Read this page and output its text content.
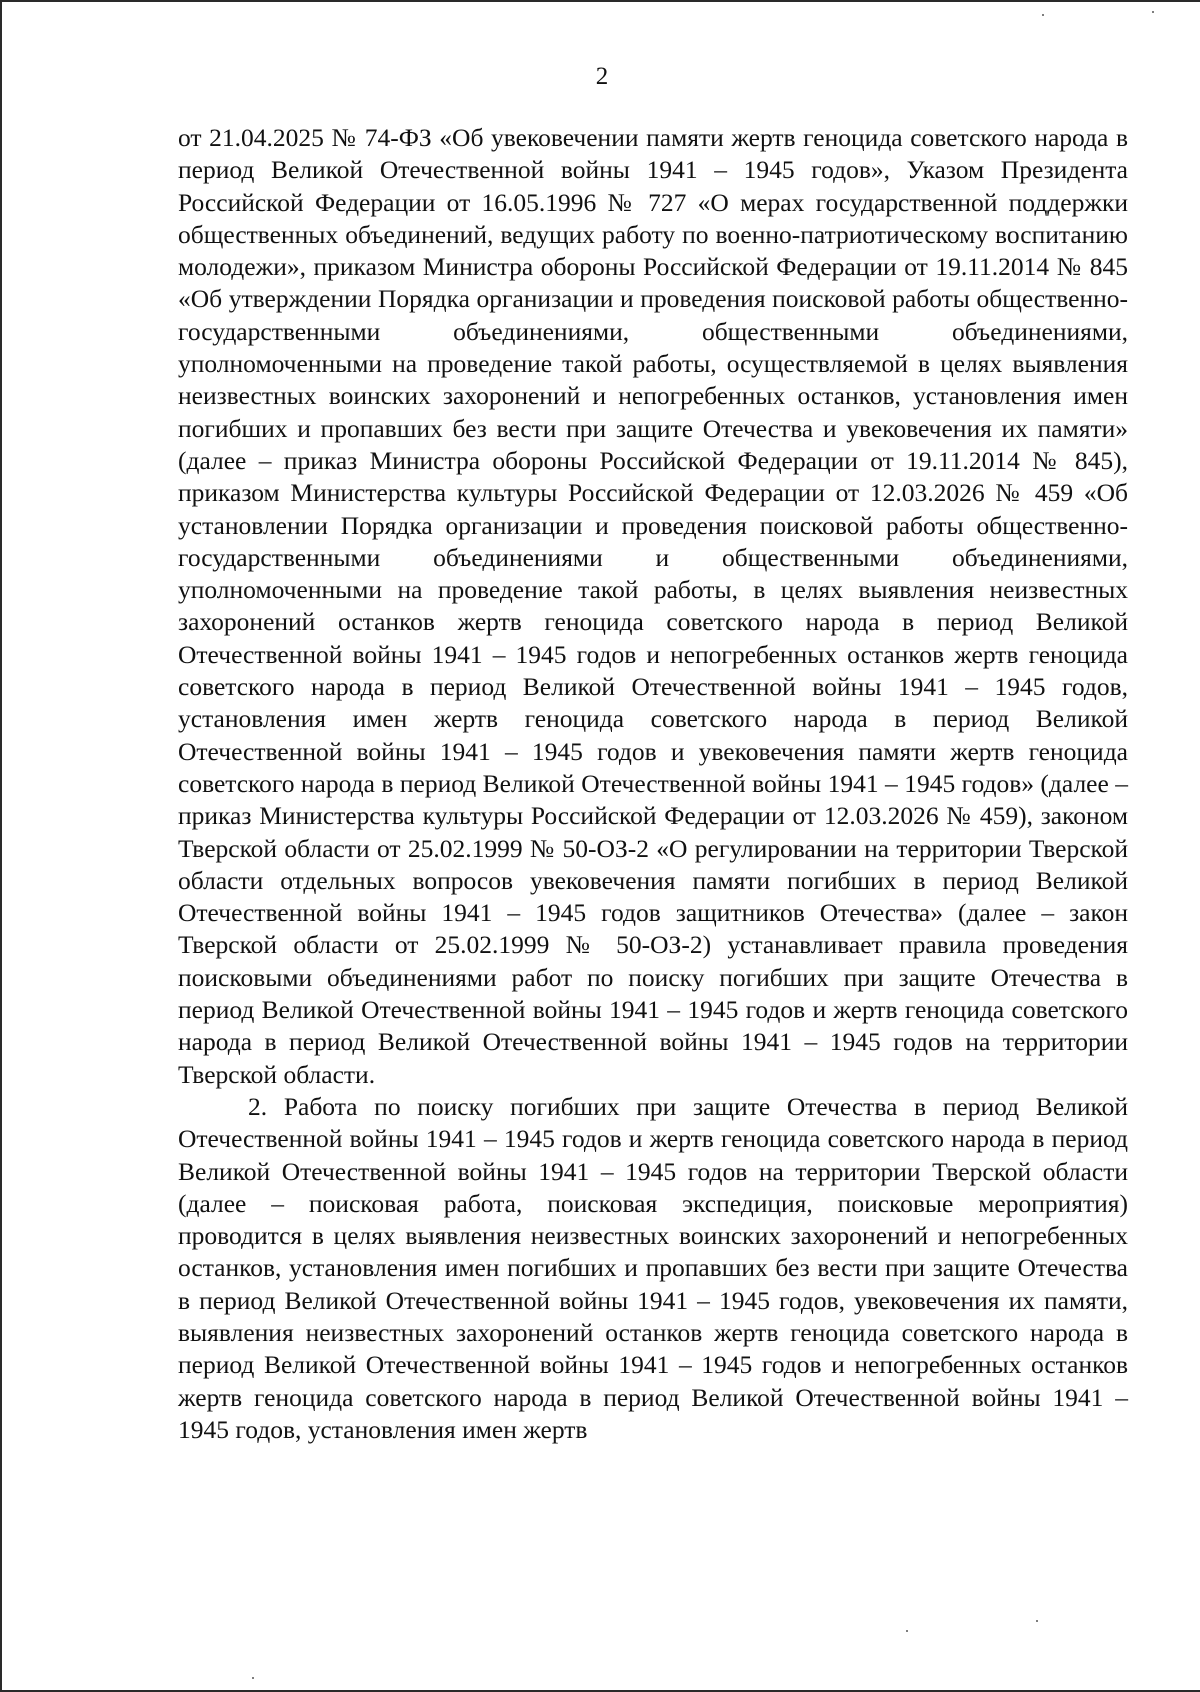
2

от 21.04.2025 № 74-ФЗ «Об увековечении памяти жертв геноцида советского народа в период Великой Отечественной войны 1941 – 1945 годов», Указом Президента Российской Федерации от 16.05.1996 № 727 «О мерах государственной поддержки общественных объединений, ведущих работу по военно-патриотическому воспитанию молодежи», приказом Министра обороны Российской Федерации от 19.11.2014 № 845 «Об утверждении Порядка организации и проведения поисковой работы общественно-государственными объединениями, общественными объединениями, уполномоченными на проведение такой работы, осуществляемой в целях выявления неизвестных воинских захоронений и непогребенных останков, установления имен погибших и пропавших без вести при защите Отечества и увековечения их памяти» (далее – приказ Министра обороны Российской Федерации от 19.11.2014 № 845), приказом Министерства культуры Российской Федерации от 12.03.2026 № 459 «Об установлении Порядка организации и проведения поисковой работы общественно-государственными объединениями и общественными объединениями, уполномоченными на проведение такой работы, в целях выявления неизвестных захоронений останков жертв геноцида советского народа в период Великой Отечественной войны 1941 – 1945 годов и непогребенных останков жертв геноцида советского народа в период Великой Отечественной войны 1941 – 1945 годов, установления имен жертв геноцида советского народа в период Великой Отечественной войны 1941 – 1945 годов и увековечения памяти жертв геноцида советского народа в период Великой Отечественной войны 1941 – 1945 годов» (далее – приказ Министерства культуры Российской Федерации от 12.03.2026 № 459), законом Тверской области от 25.02.1999 № 50-ОЗ-2 «О регулировании на территории Тверской области отдельных вопросов увековечения памяти погибших в период Великой Отечественной войны 1941 – 1945 годов защитников Отечества» (далее – закон Тверской области от 25.02.1999 № 50-ОЗ-2) устанавливает правила проведения поисковыми объединениями работ по поиску погибших при защите Отечества в период Великой Отечественной войны 1941 – 1945 годов и жертв геноцида советского народа в период Великой Отечественной войны 1941 – 1945 годов на территории Тверской области.

2. Работа по поиску погибших при защите Отечества в период Великой Отечественной войны 1941 – 1945 годов и жертв геноцида советского народа в период Великой Отечественной войны 1941 – 1945 годов на территории Тверской области (далее – поисковая работа, поисковая экспедиция, поисковые мероприятия) проводится в целях выявления неизвестных воинских захоронений и непогребенных останков, установления имен погибших и пропавших без вести при защите Отечества в период Великой Отечественной войны 1941 – 1945 годов, увековечения их памяти, выявления неизвестных захоронений останков жертв геноцида советского народа в период Великой Отечественной войны 1941 – 1945 годов и непогребенных останков жертв геноцида советского народа в период Великой Отечественной войны 1941 – 1945 годов, установления имен жертв
